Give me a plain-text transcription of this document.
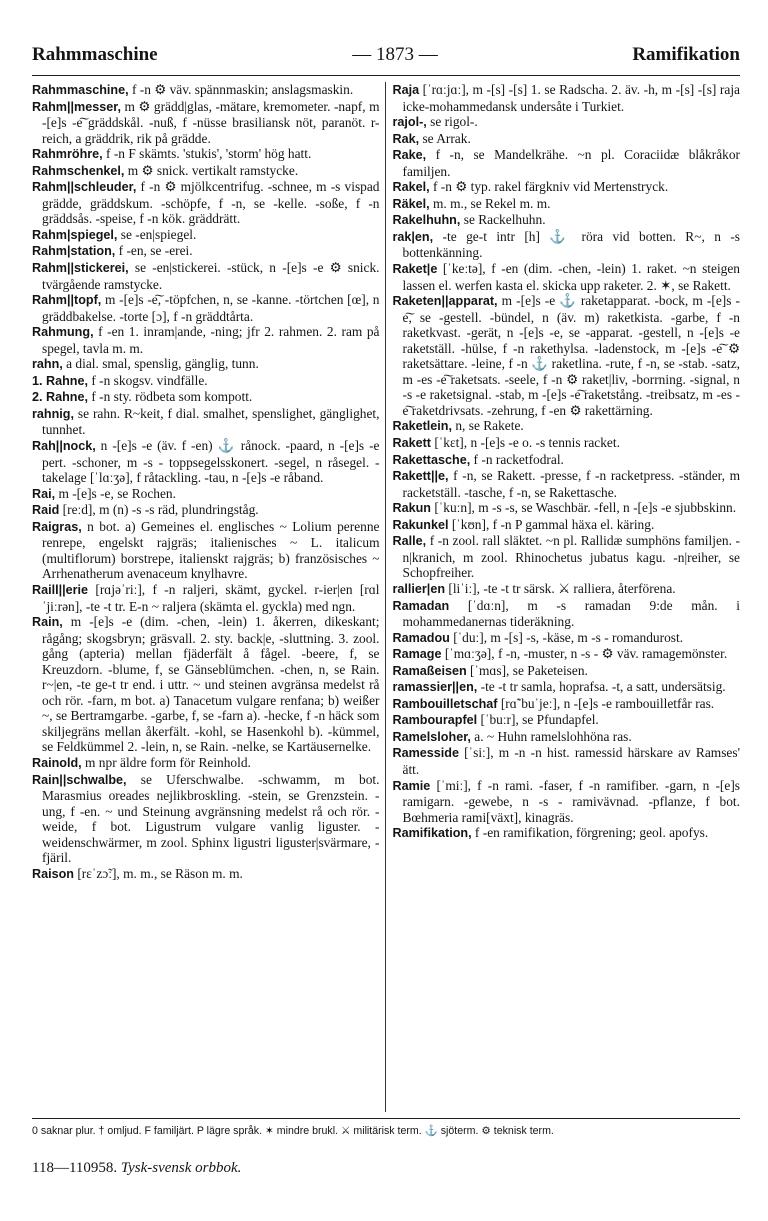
Rahmmaschine	— 1873 —	Ramifikation
Rahmmaschine, f -n ⚙ väv. spännmaskin; anslagsmaskin.
Rahm||messer, m ⚙ grädd|glas, -mätare, kremometer. -napf, m -[e]s -e͠ gräddskål. -nuß, f -nüsse brasiliansk nöt, paranöt. r-reich, a gräddrik, rik på grädde.
Rahmröhre, f -n F skämts. 'stukis', 'storm' hög hatt.
Rahmschenkel, m ⚙ snick. vertikalt ramstycke.
Rahm||schleuder, f -n ⚙ mjölkcentrifug. -schnee, m -s vispad grädde, gräddskum. -schöpfe, f -n, se -kelle. -soße, f -n gräddsås. -speise, f -n kök. gräddrätt.
Rahm|spiegel, se -en|spiegel.
Rahm|station, f -en, se -erei.
Rahm||stickerei, se -en|stickerei. -stück, n -[e]s -e ⚙ snick. tvärgående ramstycke.
Rahm||topf, m -[e]s -e͠, -töpfchen, n, se -kanne. -törtchen [œ], n gräddbakelse. -torte [ɔ], f -n gräddtårta.
Rahmung, f -en 1. inram|ande, -ning; jfr 2. rahmen. 2. ram på spegel, tavla m. m.
rahn, a dial. smal, spenslig, gänglig, tunn.
1. Rahne, f -n skogsv. vindfälle.
2. Rahne, f -n sty. rödbeta som kompott.
rahnig, se rahn. R~keit, f dial. smalhet, spenslighet, gänglighet, tunnhet.
Rah||nock, n -[e]s -e (äv. f -en) ⚓ rånock. -paard, n -[e]s -e pert. -schoner, m -s - toppsegelsskonert. -segel, n råsegel. -takelage [ˈlɑːʒə], f råtackling. -tau, n -[e]s -e råband.
Rai, m -[e]s -e, se Rochen.
Raid [reːd], m (n) -s -s räd, plundringståg.
Raigras, n bot. a) Gemeines el. englisches ~ Lolium perenne renrepe, engelskt rajgräs; italienisches ~ L. italicum (multiflorum) borstrepe, italienskt rajgräs; b) französisches ~ Arrhenatherum avenaceum knylhavre.
Raill||erie [rɑjəˈriː], f -n raljeri, skämt, gyckel. r-ier|en [rɑlˈjiːrən], -te -t tr. E-n ~ raljera (skämta el. gyckla) med ngn.
Rain, m -[e]s -e (dim. -chen, -lein) 1. åkerren, dikeskant; rågång; skogsbryn; gräsvall. 2. sty. back|e, -sluttning. 3. zool. gång (apteria) mellan fjäderfält å fågel. -beere, f, se Kreuzdorn. -blume, f, se Gänseblümchen. -chen, n, se Rain. r~|en, -te ge-t tr end. i uttr. ~ und steinen avgränsa medelst rå och rör. -farn, m bot. a) Tanacetum vulgare renfana; b) weißer ~, se Bertramgarbe. -garbe, f, se -farn a). -hecke, f -n häck som skiljegräns mellan åkerfält. -kohl, se Hasenkohl b). -kümmel, se Feldkümmel 2. -lein, n, se Rain. -nelke, se Kartäusernelke.
Rainold, m npr äldre form för Reinhold.
Rain||schwalbe, se Uferschwalbe. -schwamm, m bot. Marasmius oreades nejlikbroskling. -stein, se Grenzstein. -ung, f -en. ~ und Steinung avgränsning medelst rå och rör. -weide, f bot. Ligustrum vulgare vanlig liguster. -weidenschwärmer, m zool. Sphinx ligustri liguster|svärmare, -fjäril.
Raison [rɛˈzɔ̃ː], m. m., se Räson m. m.
Raja [ˈrɑːjɑː], m -[s] -[s] 1. se Radscha. 2. äv. -h, m -[s] -[s] raja icke-mohammedansk undersåte i Turkiet.
rajol-, se rigol-.
Rak, se Arrak.
Rake, f -n, se Mandelkrähe. ~n pl. Coraciidæ blåkråkor familjen.
Rakel, f -n ⚙ typ. rakel färgkniv vid Mertenstryck.
Räkel, m. m., se Rekel m. m.
Rakelhuhn, se Rackelhuhn.
rak|en, -te ge-t intr [h] ⚓ röra vid botten. R~, n -s bottenkänning.
Raket|e [ˈkeːtə], f -en (dim. -chen, -lein) 1. raket. ~n steigen lassen el. werfen kasta el. skicka upp raketer. 2. ✶, se Rakett.
Raketen||apparat, m -[e]s -e ⚓ raketapparat. -bock, m -[e]s -e͠, se -gestell. -bündel, n (äv. m) raketkista. -garbe, f -n raketkvast. -gerät, n -[e]s -e, se -apparat. -gestell, n -[e]s -e raketställ. -hülse, f -n rakethylsa. -ladenstock, m -[e]s -e͠ ⚙ raketsättare. -leine, f -n ⚓ raketlina. -rute, f -n, se -stab. -satz, m -es -e͠ raketsats. -seele, f -n ⚙ raket|liv, -borrning. -signal, n -s -e raketsignal. -stab, m -[e]s -e͠ raketstång. -treibsatz, m -es -e͠ raketdrivsats. -zehrung, f -en ⚙ rakettärning.
Raketlein, n, se Rakete.
Rakett [ˈkɛt], n -[e]s -e o. -s tennis racket.
Rakettasche, f -n racketfodral.
Rakett||e, f -n, se Rakett. -presse, f -n racketpress. -ständer, m racketställ. -tasche, f -n, se Rakettasche.
Rakun [ˈkuːn], m -s -s, se Waschbär. -fell, n -[e]s -e sjubbskinn.
Rakunkel [ˈkʊn], f -n P gammal häxa el. käring.
Ralle, f -n zool. rall släktet. ~n pl. Rallidæ sumphöns familjen. -n|kranich, m zool. Rhinochetus jubatus kagu. -n|reiher, se Schopfreiher.
rallier|en [liˈiː], -te -t tr särsk. ⚔ ralliera, återförena.
Ramadan [ˈdɑːn], m -s ramadan 9:de mån. i mohammedanernas tideräkning.
Ramadou [ˈduː], m -[s] -s, -käse, m -s - romandurost.
Ramage [ˈmɑːʒə], f -n, -muster, n -s - ⚙ väv. ramagemönster.
Ramaßeisen [ˈmɑs], se Paketeisen.
ramassier||en, -te -t tr samla, hoprafsa. -t, a satt, undersätsig.
Rambouilletschaf [rɑ̃ˈbuˈjeː], n -[e]s -e rambouilletfår ras.
Rambourapfel [ˈbuːr], se Pfundapfel.
Ramelsloher, a. ~ Huhn ramelslohhöna ras.
Ramesside [ˈsiː], m -n -n hist. ramessid härskare av Ramses' ätt.
Ramie [ˈmiː], f -n rami. -faser, f -n ramifiber. -garn, n -[e]s ramigarn. -gewebe, n -s - ramivävnad. -pflanze, f bot. Bœhmeria rami[växt], kinagräs.
Ramifikation, f -en ramifikation, förgrening; geol. apofys.
0 saknar plur. † omljud. F familjärt. P lägre språk. ✶ mindre brukl. ⚔ militärisk term. ⚓ sjöterm. ⚙ teknisk term.
118—110958. Tysk-svensk orbbok.
